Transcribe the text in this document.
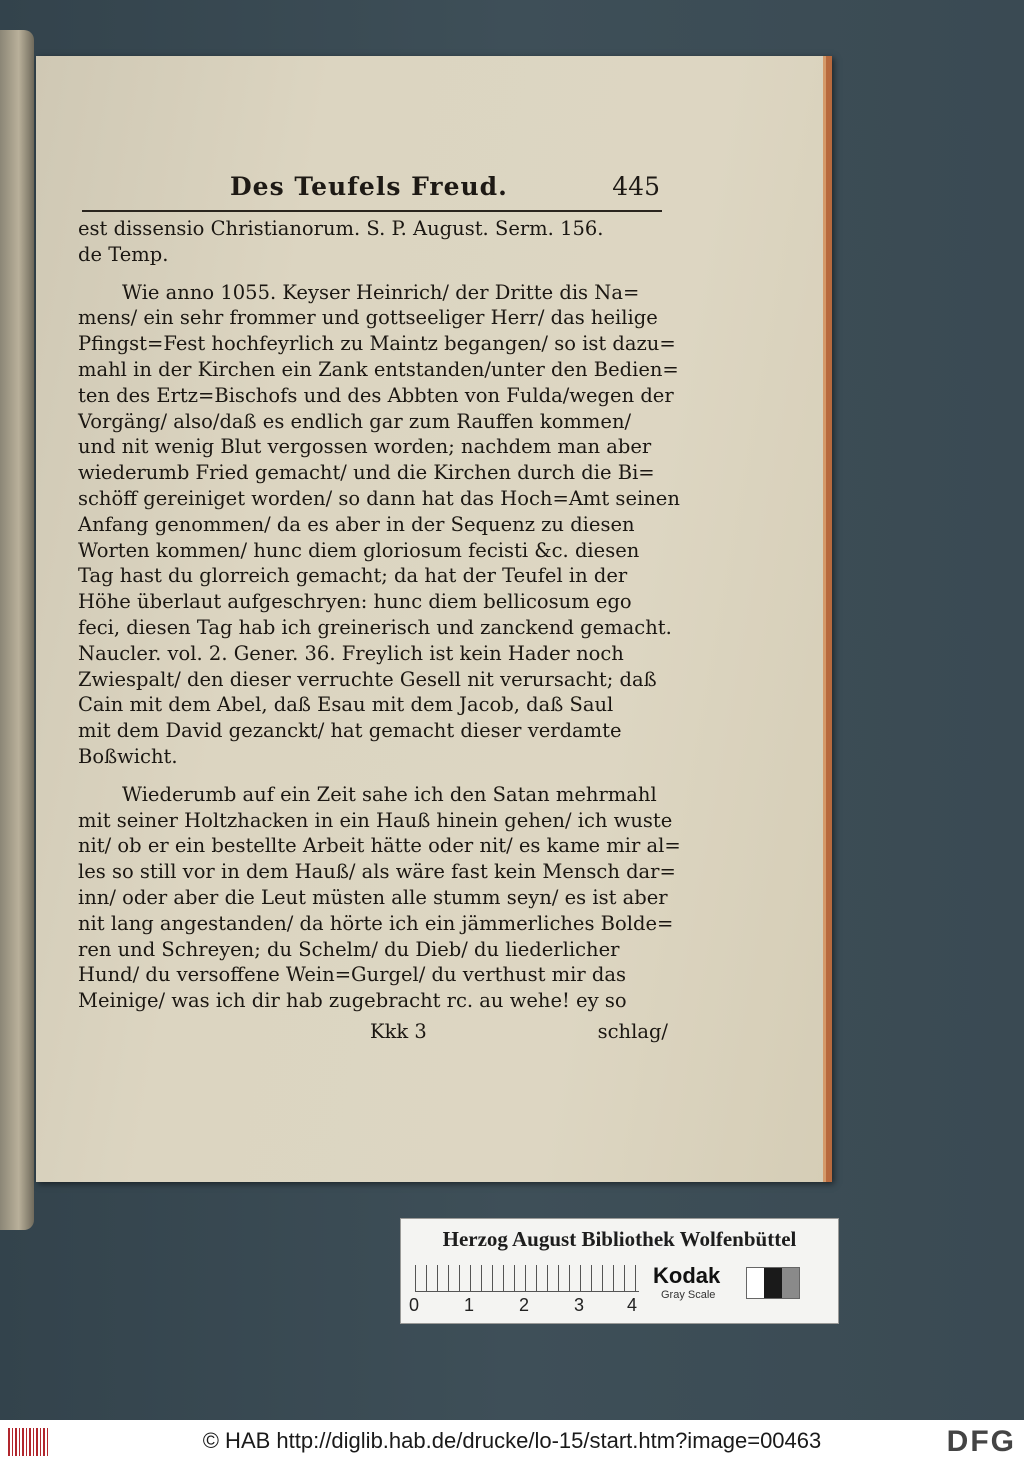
Des Teufels Freud.	445
est dissensio Christianorum. S. P. August. Serm. 156.
de Temp.
Wie anno 1055. Keyser Heinrich/ der Dritte dis Na=
mens/ ein sehr frommer und gottseeliger Herr/ das heilige
Pfingst=Fest hochfeyrlich zu Maintz begangen/ so ist dazu=
mahl in der Kirchen ein Zank entstanden/unter den Bedien=
ten des Ertz=Bischofs und des Abbten von Fulda/wegen der
Vorgäng/ also/daß es endlich gar zum Rauffen kommen/
und nit wenig Blut vergossen worden; nachdem man aber
wiederumb Fried gemacht/ und die Kirchen durch die Bi=
schöff gereiniget worden/ so dann hat das Hoch=Amt seinen
Anfang genommen/ da es aber in der Sequenz zu diesen
Worten kommen/ hunc diem gloriosum fecisti &c. diesen
Tag hast du glorreich gemacht; da hat der Teufel in der
Höhe überlaut aufgeschryen: hunc diem bellicosum ego
feci, diesen Tag hab ich greinerisch und zanckend gemacht.
Naucler. vol. 2. Gener. 36. Freylich ist kein Hader noch
Zwiespalt/ den dieser verruchte Gesell nit verursacht; daß
Cain mit dem Abel, daß Esau mit dem Jacob, daß Saul
mit dem David gezanckt/ hat gemacht dieser verdamte
Boßwicht.
Wiederumb auf ein Zeit sahe ich den Satan mehrmahl
mit seiner Holtzhacken in ein Hauß hinein gehen/ ich wuste
nit/ ob er ein bestellte Arbeit hätte oder nit/ es kame mir al=
les so still vor in dem Hauß/ als wäre fast kein Mensch dar=
inn/ oder aber die Leut müsten alle stumm seyn/ es ist aber
nit lang angestanden/ da hörte ich ein jämmerliches Bolde=
ren und Schreyen; du Schelm/ du Dieb/ du liederlicher
Hund/ du versoffene Wein=Gurgel/ du verthust mir das
Meinige/ was ich dir hab zugebracht rc. au wehe! ey so
Kkk 3	schlag/
Herzog August Bibliothek Wolfenbüttel
0 1 2 3 4
Kodak
Gray Scale
© HAB http://diglib.hab.de/drucke/lo-15/start.htm?image=00463	DFG
